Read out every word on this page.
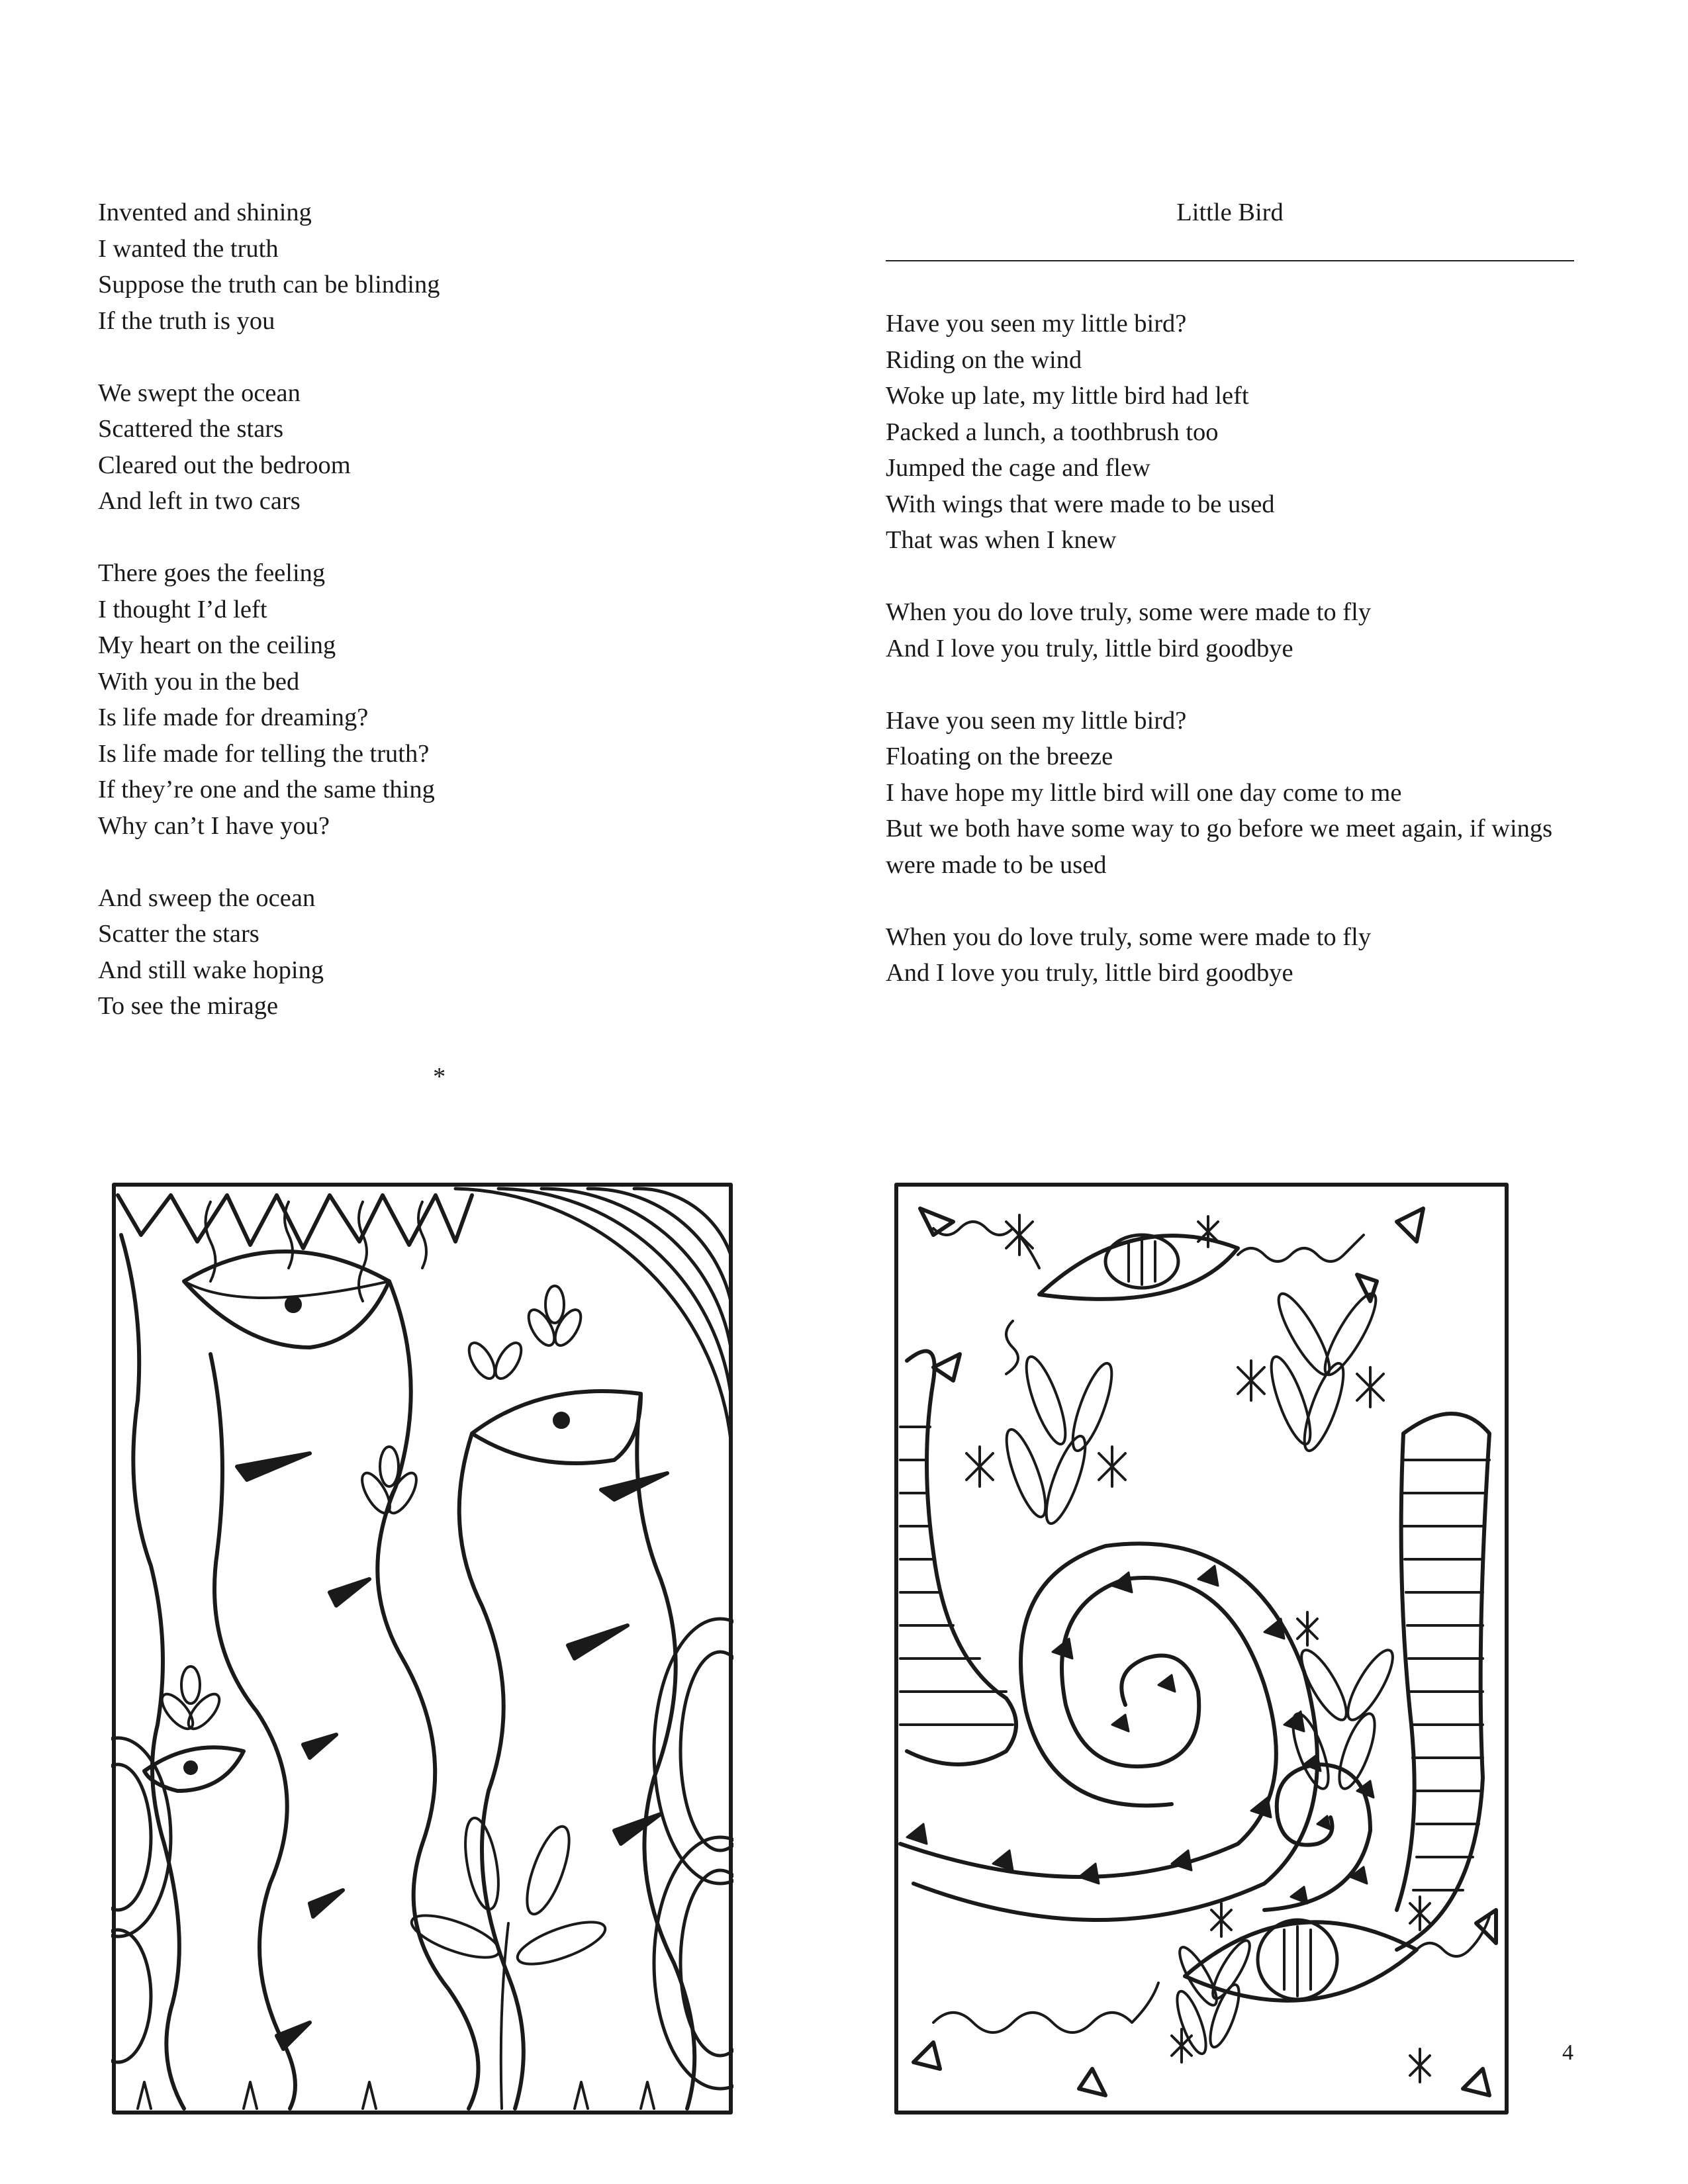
Invented and shining
I wanted the truth
Suppose the truth can be blinding
If the truth is you
We swept the ocean
Scattered the stars
Cleared out the bedroom
And left in two cars
There goes the feeling
I thought I’d left
My heart on the ceiling
With you in the bed
Is life made for dreaming?
Is life made for telling the truth?
If they’re one and the same thing
Why can’t I have you?
And sweep the ocean
Scatter the stars
And still wake hoping
To see the mirage
Little Bird
Have you seen my little bird?
Riding on the wind
Woke up late, my little bird had left
Packed a lunch, a toothbrush too
Jumped the cage and flew
With wings that were made to be used
That was when I knew
When you do love truly, some were made to fly
And I love you truly, little bird goodbye
Have you seen my little bird?
Floating on the breeze
I have hope my little bird will one day come to me
But we both have some way to go before we meet again, if wings were made to be used
When you do love truly, some were made to fly
And I love you truly, little bird goodbye
*
4
